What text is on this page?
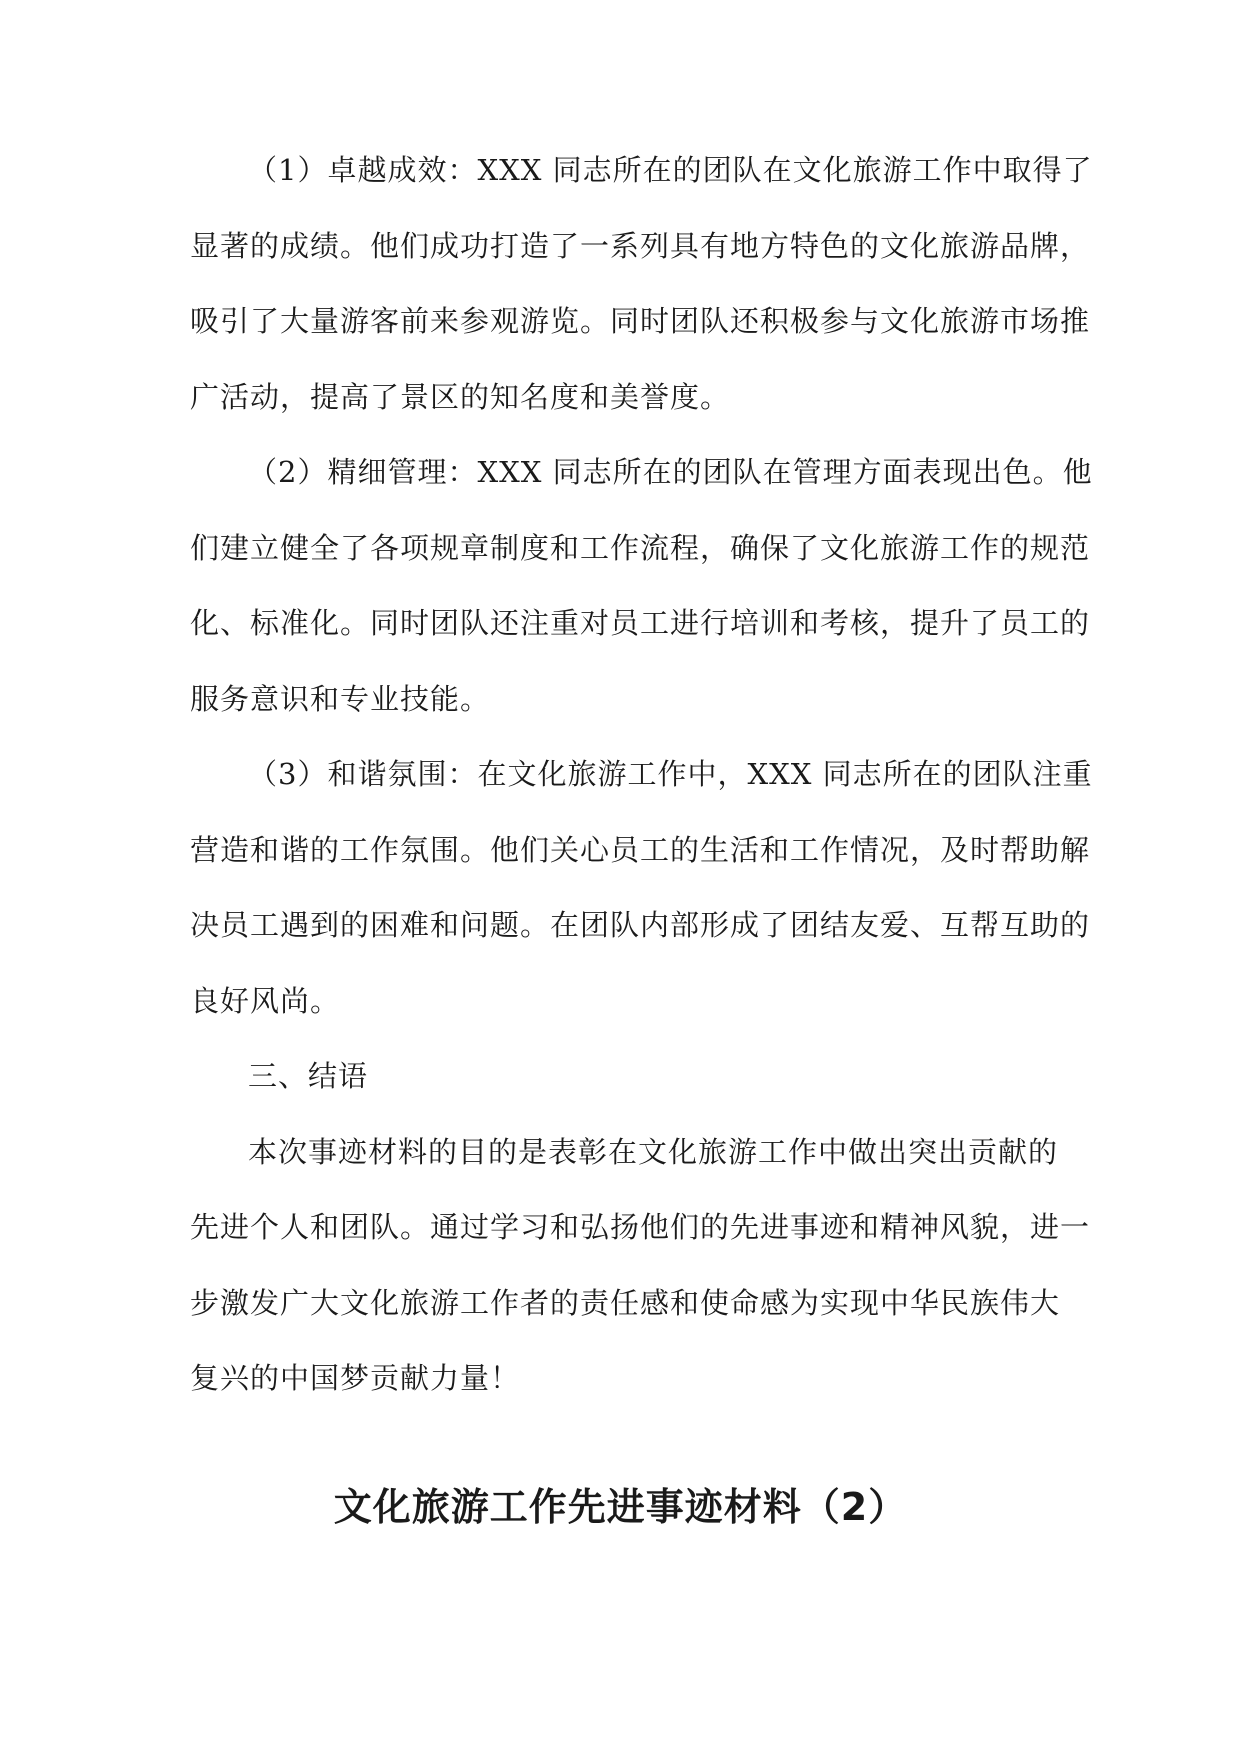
（1）卓越成效：XXX 同志所在的团队在文化旅游工作中取得了
显著的成绩。他们成功打造了一系列具有地方特色的文化旅游品牌，
吸引了大量游客前来参观游览。同时团队还积极参与文化旅游市场推
广活动，提高了景区的知名度和美誉度。
（2）精细管理：XXX 同志所在的团队在管理方面表现出色。他
们建立健全了各项规章制度和工作流程，确保了文化旅游工作的规范
化、标准化。同时团队还注重对员工进行培训和考核，提升了员工的
服务意识和专业技能。
（3）和谐氛围：在文化旅游工作中，XXX 同志所在的团队注重
营造和谐的工作氛围。他们关心员工的生活和工作情况，及时帮助解
决员工遇到的困难和问题。在团队内部形成了团结友爱、互帮互助的
良好风尚。
三、结语
本次事迹材料的目的是表彰在文化旅游工作中做出突出贡献的
先进个人和团队。通过学习和弘扬他们的先进事迹和精神风貌，进一
步激发广大文化旅游工作者的责任感和使命感为实现中华民族伟大
复兴的中国梦贡献力量！
文化旅游工作先进事迹材料（2）
